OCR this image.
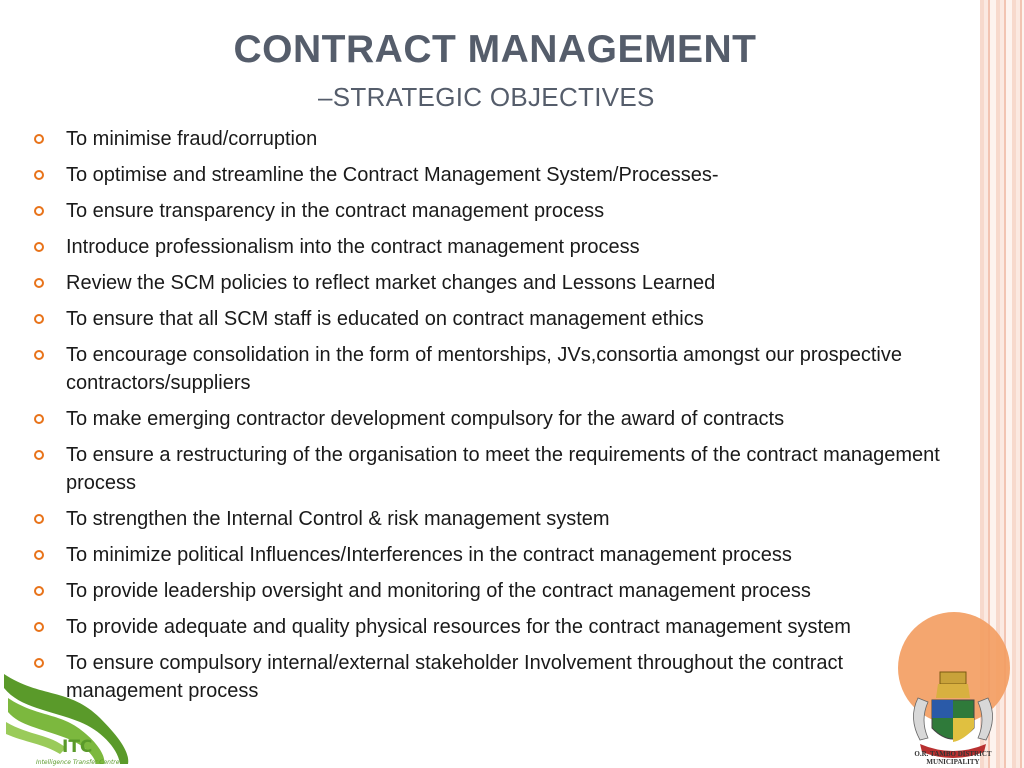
CONTRACT MANAGEMENT
–STRATEGIC OBJECTIVES
To minimise fraud/corruption
To optimise and streamline the Contract Management System/Processes-
To ensure transparency in the contract management process
Introduce professionalism into the contract management process
Review the SCM policies to reflect market changes and Lessons Learned
To ensure that all SCM staff is educated on contract management ethics
To encourage consolidation in the form of mentorships, JVs,consortia amongst our prospective contractors/suppliers
To make emerging contractor development compulsory for the award of contracts
To ensure a restructuring of the organisation to meet the requirements of the contract management process
To strengthen the Internal Control & risk management system
To minimize political Influences/Interferences in the contract management process
To provide leadership oversight and monitoring of the contract management process
To provide adequate and quality physical resources for the contract management system
To ensure compulsory internal/external stakeholder Involvement throughout the contract management process
ITC
Intelligence Transfer Centre
O.R. TAMBO DISTRICT MUNICIPALITY
